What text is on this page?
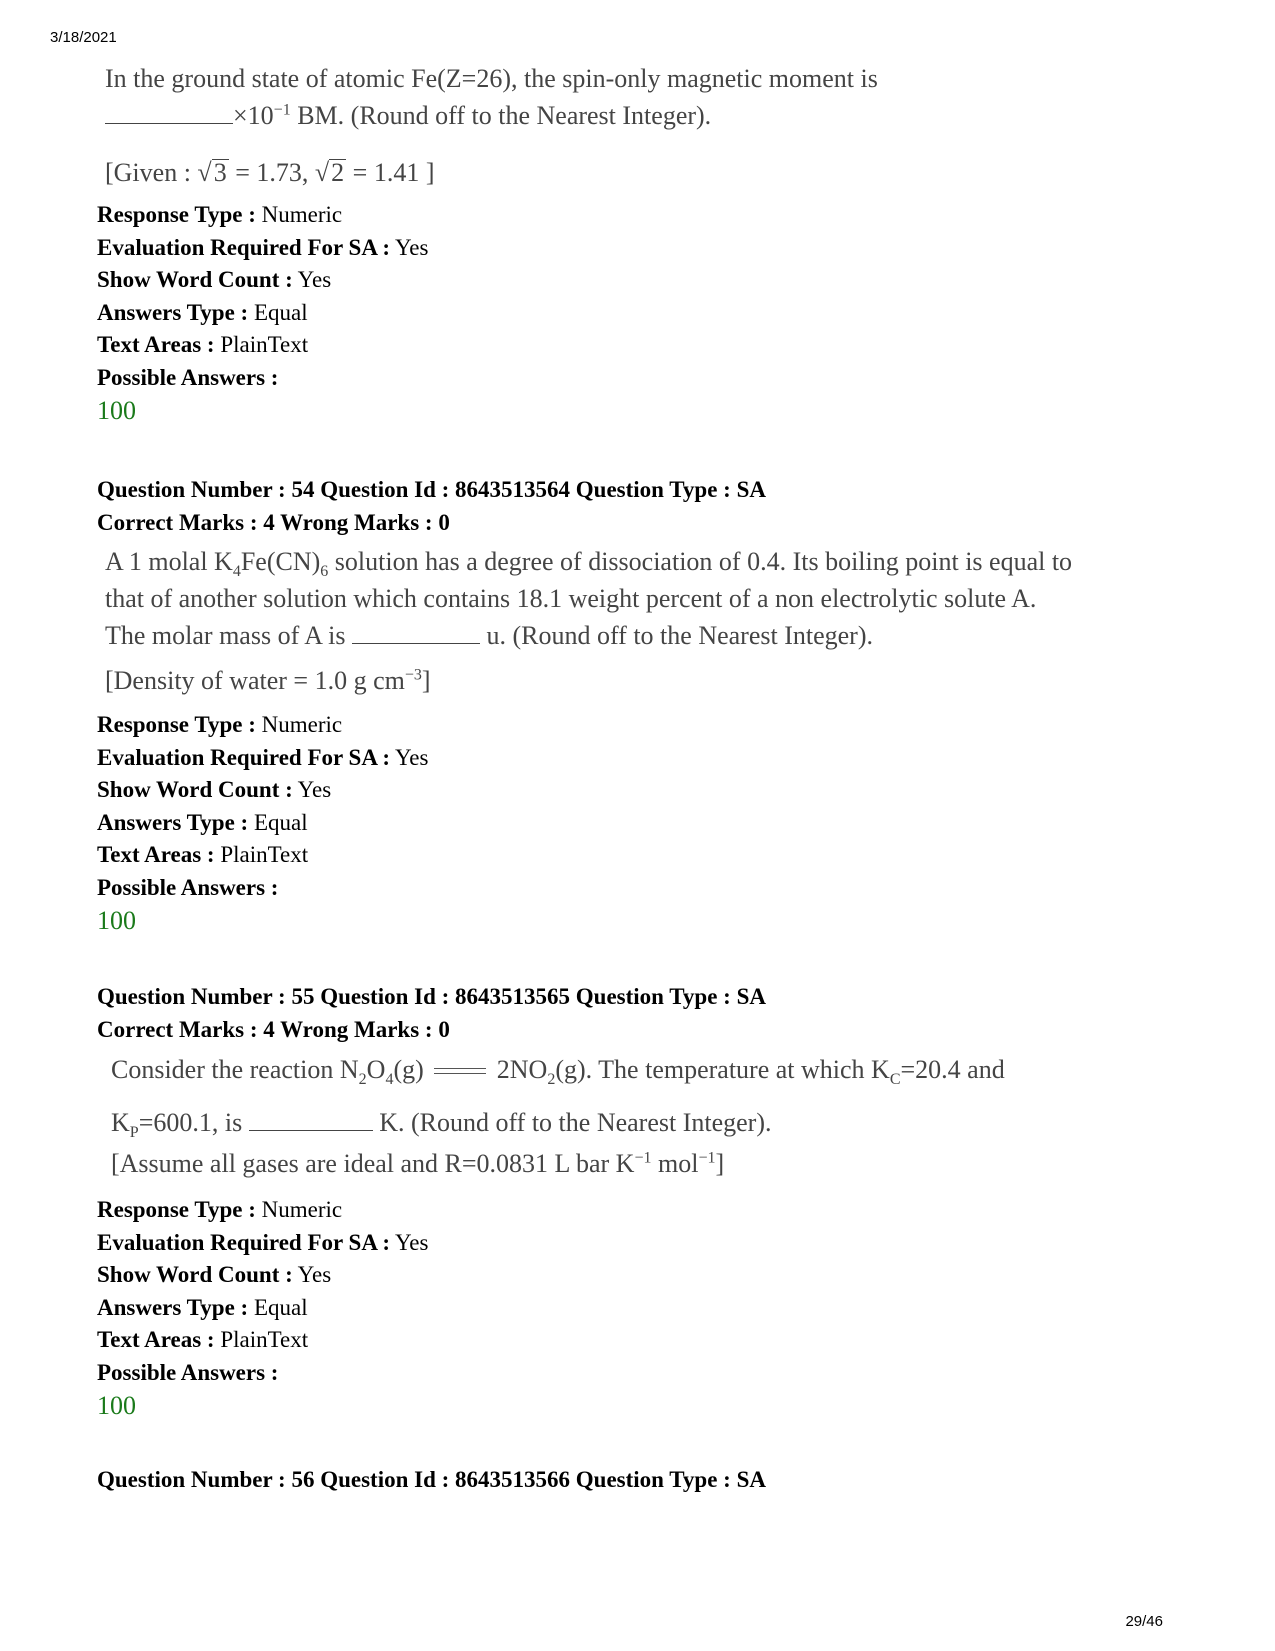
3/18/2021
In the ground state of atomic Fe(Z=26), the spin-only magnetic moment is
$\times 10^{-1}$ BM. (Round off to the Nearest Integer).
[Given : √3 = 1.73, √2 = 1.41 ]
Response Type : Numeric
Evaluation Required For SA : Yes
Show Word Count : Yes
Answers Type : Equal
Text Areas : PlainText
Possible Answers :
100
Question Number : 54 Question Id : 8643513564 Question Type : SA
Correct Marks : 4 Wrong Marks : 0
A 1 molal $K_4Fe(CN)_6$ solution has a degree of dissociation of 0.4. Its boiling point is equal to
that of another solution which contains 18.1 weight percent of a non electrolytic solute A.
The molar mass of A is	u. (Round off to the Nearest Integer).
[Density of water = 1.0 g $cm^{-3}$]
Response Type : Numeric
Evaluation Required For SA : Yes
Show Word Count : Yes
Answers Type : Equal
Text Areas : PlainText
Possible Answers :
100
Question Number : 55 Question Id : 8643513565 Question Type : SA
Correct Marks : 4 Wrong Marks : 0
Consider the reaction $N_2O_4(g)$  $2NO_2(g)$. The temperature at which $K_C=20.4$ and
$K_P=600.1$, is	K. (Round off to the Nearest Integer).
[Assume all gases are ideal and R=0.0831 L bar $K^{-1}$ mol$^{-1}$]
Response Type : Numeric
Evaluation Required For SA : Yes
Show Word Count : Yes
Answers Type : Equal
Text Areas : PlainText
Possible Answers :
100
Question Number : 56 Question Id : 8643513566 Question Type : SA
29/46
